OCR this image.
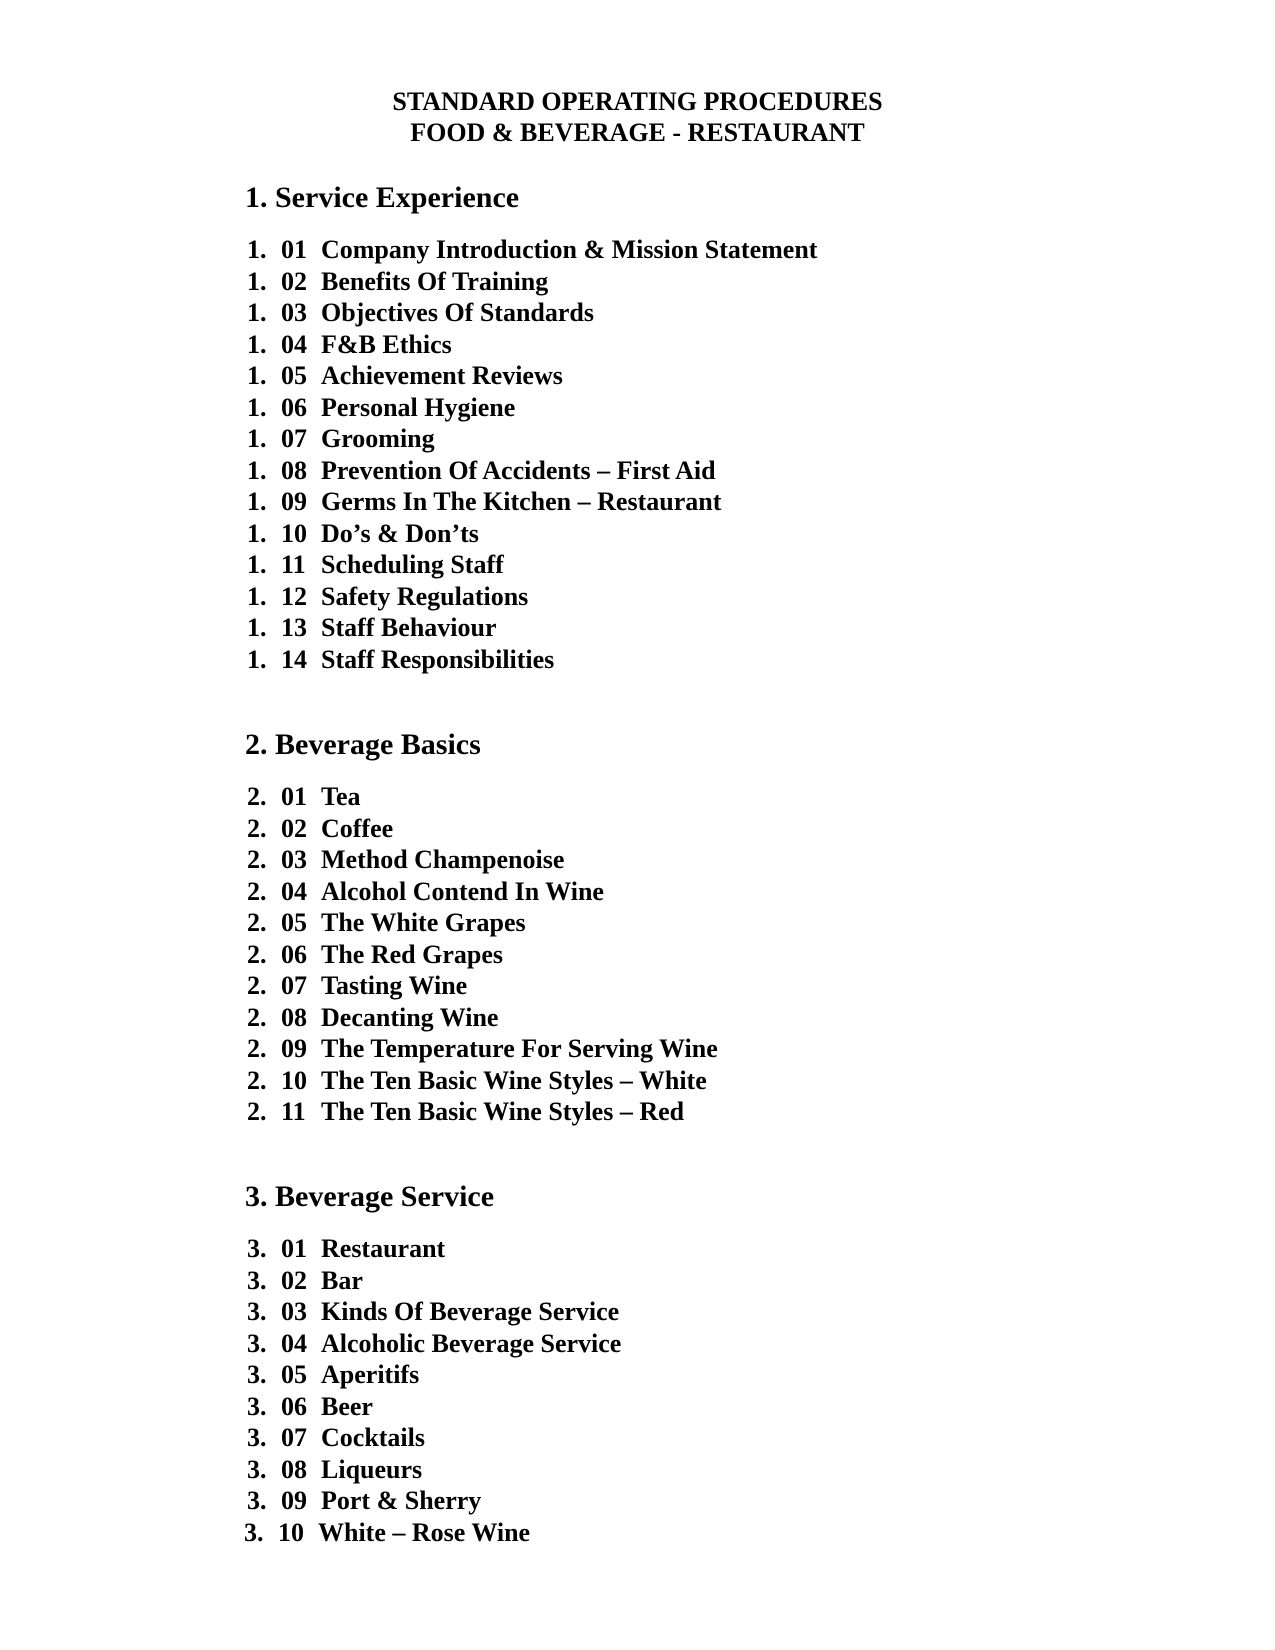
STANDARD OPERATING PROCEDURES
FOOD & BEVERAGE - RESTAURANT
1. Service Experience
1. 01 Company Introduction & Mission Statement
1. 02 Benefits Of Training
1. 03 Objectives Of Standards
1. 04 F&B Ethics
1. 05 Achievement Reviews
1. 06 Personal Hygiene
1. 07 Grooming
1. 08 Prevention Of Accidents – First Aid
1. 09 Germs In The Kitchen – Restaurant
1. 10 Do’s & Don’ts
1. 11 Scheduling Staff
1. 12 Safety Regulations
1. 13 Staff Behaviour
1. 14 Staff Responsibilities
2. Beverage Basics
2. 01 Tea
2. 02 Coffee
2. 03 Method Champenoise
2. 04 Alcohol Contend In Wine
2. 05 The White Grapes
2. 06 The Red Grapes
2. 07 Tasting Wine
2. 08 Decanting Wine
2. 09 The Temperature For Serving Wine
2. 10 The Ten Basic Wine Styles – White
2. 11 The Ten Basic Wine Styles – Red
3. Beverage Service
3. 01 Restaurant
3. 02 Bar
3. 03 Kinds Of Beverage Service
3. 04 Alcoholic Beverage Service
3. 05 Aperitifs
3. 06 Beer
3. 07 Cocktails
3. 08 Liqueurs
3. 09 Port & Sherry
3. 10 White – Rose Wine
